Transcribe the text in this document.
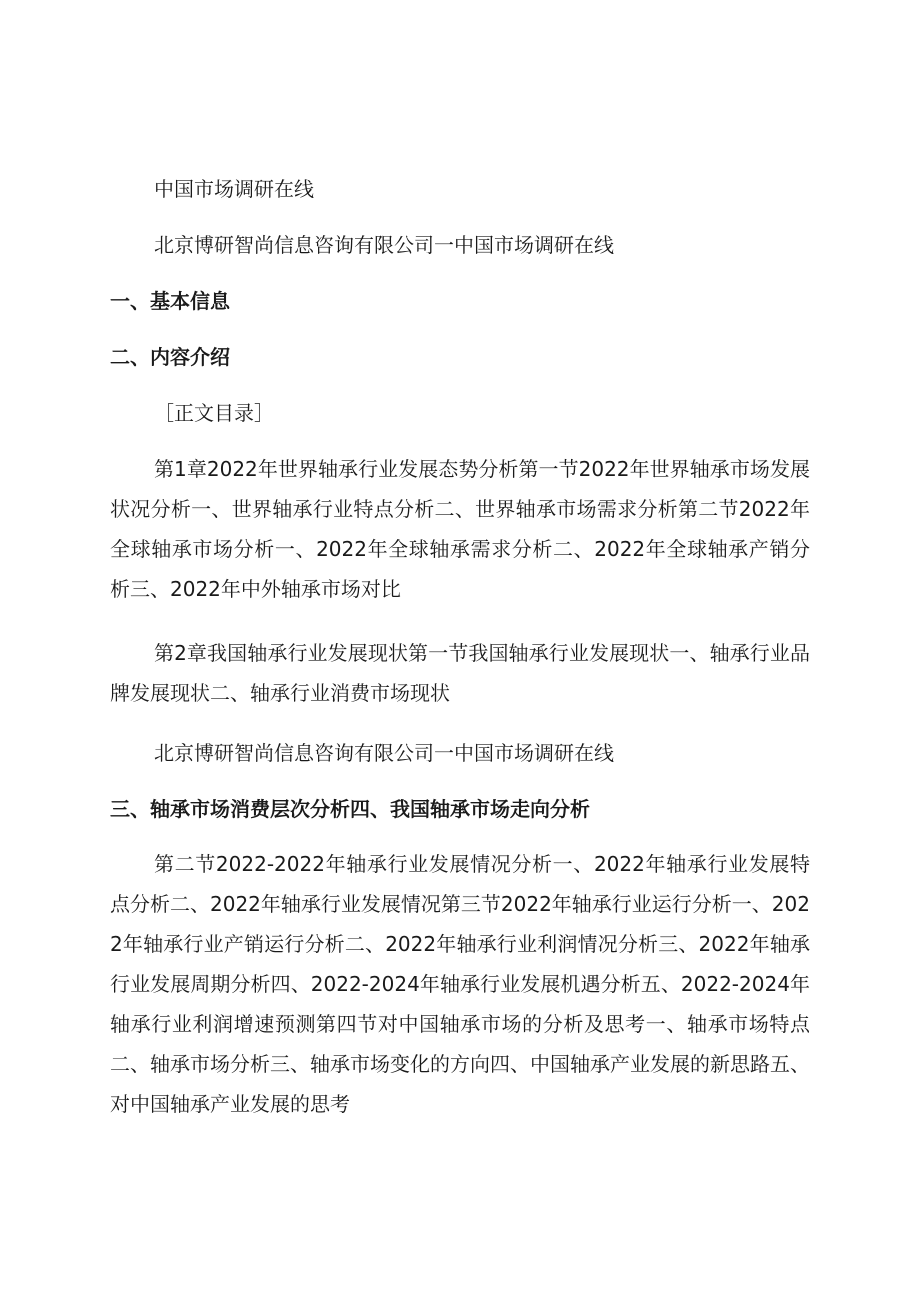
中国市场调研在线

北京博研智尚信息咨询有限公司一中国市场调研在线

一、基本信息

二、内容介绍

［正文目录］

第1章2022年世界轴承行业发展态势分析第一节2022年世界轴承市场发展状况分析一、世界轴承行业特点分析二、世界轴承市场需求分析第二节2022年全球轴承市场分析一、2022年全球轴承需求分析二、2022年全球轴承产销分析三、2022年中外轴承市场对比

第2章我国轴承行业发展现状第一节我国轴承行业发展现状一、轴承行业品牌发展现状二、轴承行业消费市场现状

北京博研智尚信息咨询有限公司一中国市场调研在线

三、轴承市场消费层次分析四、我国轴承市场走向分析

第二节2022-2022年轴承行业发展情况分析一、2022年轴承行业发展特点分析二、2022年轴承行业发展情况第三节2022年轴承行业运行分析一、2022年轴承行业产销运行分析二、2022年轴承行业利润情况分析三、2022年轴承行业发展周期分析四、2022-2024年轴承行业发展机遇分析五、2022-2024年轴承行业利润增速预测第四节对中国轴承市场的分析及思考一、轴承市场特点二、轴承市场分析三、轴承市场变化的方向四、中国轴承产业发展的新思路五、对中国轴承产业发展的思考
